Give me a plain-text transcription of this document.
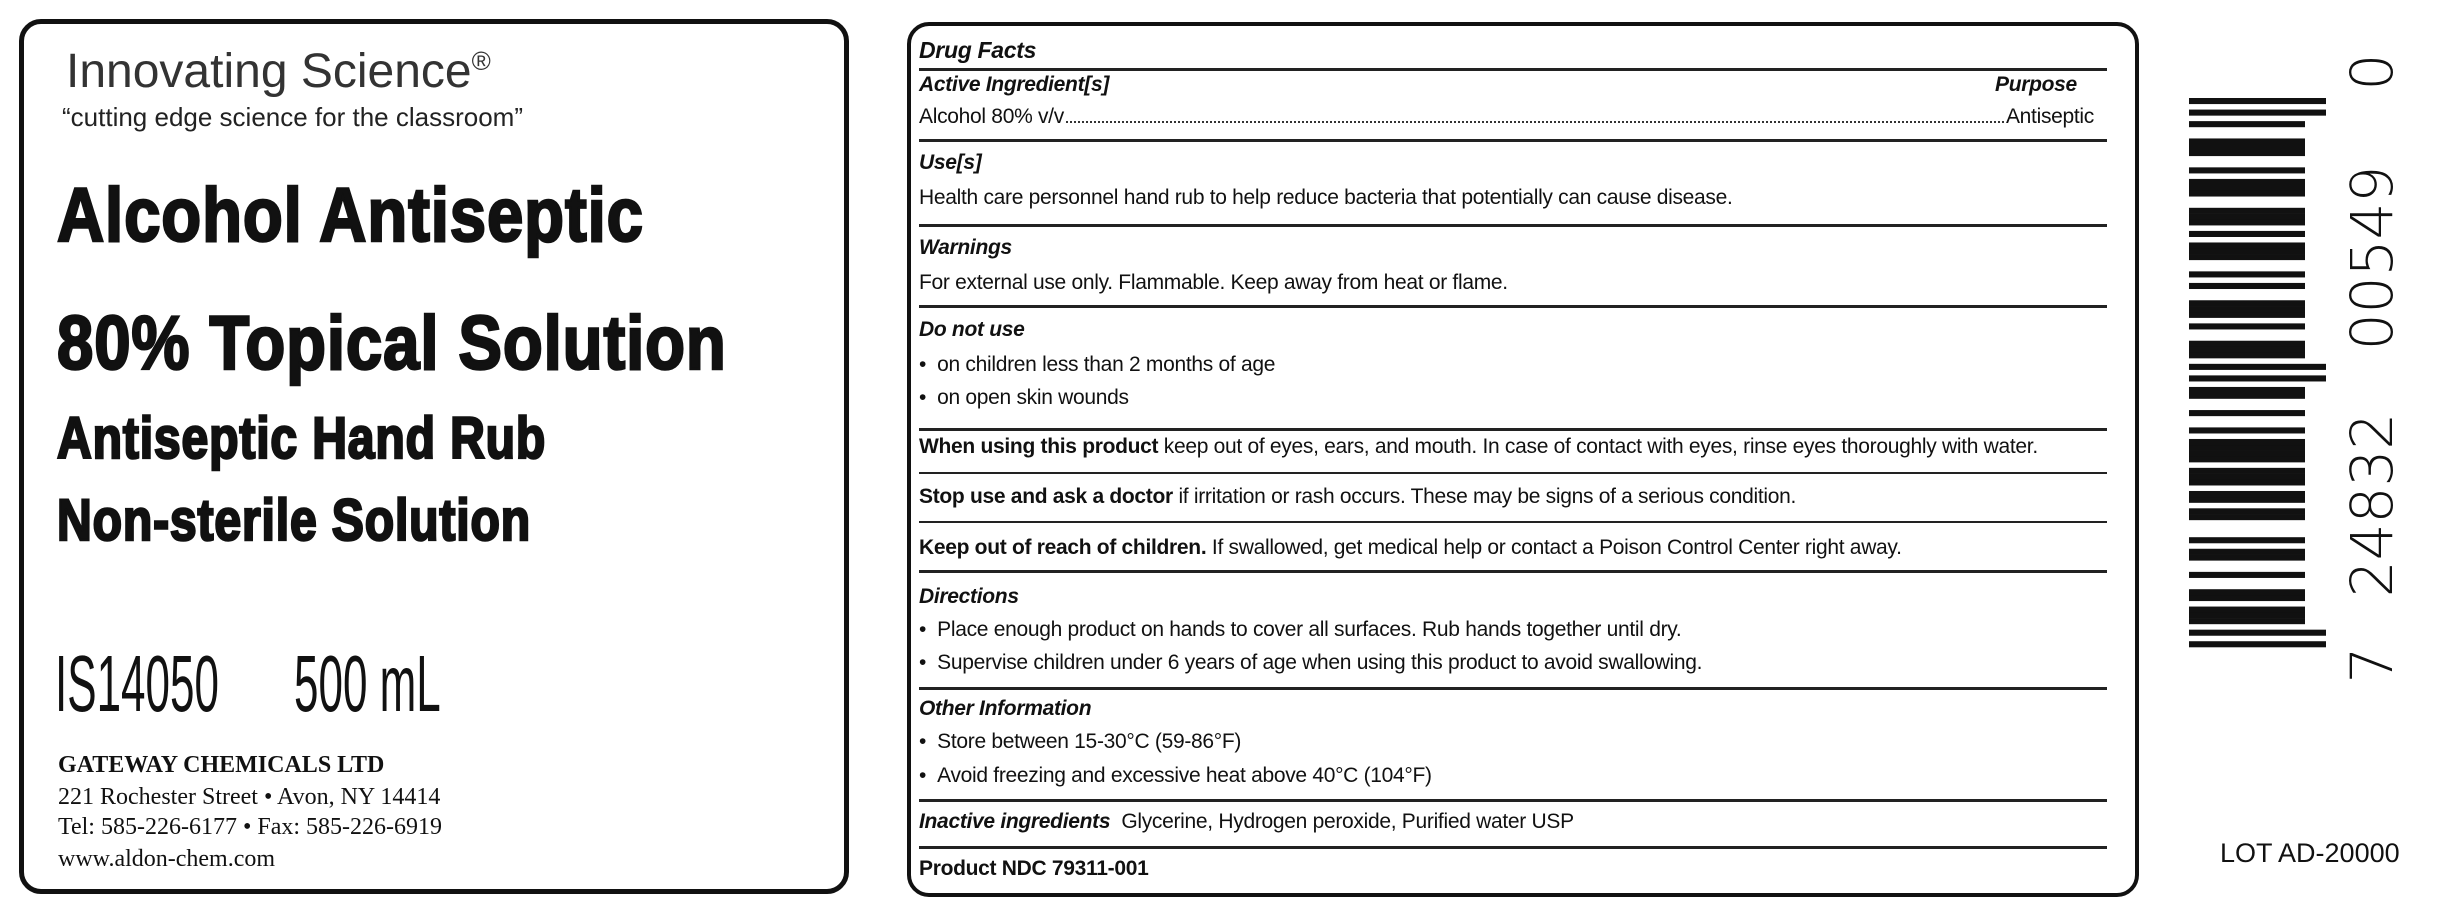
Innovating Science®
“cutting edge science for the classroom”
Alcohol Antiseptic
80% Topical Solution
Antiseptic Hand Rub
Non-sterile Solution
IS14050 500 mL
GATEWAY CHEMICALS LTD
221 Rochester Street • Avon, NY 14414
Tel: 585-226-6177 • Fax: 585-226-6919
www.aldon-chem.com
Drug Facts
Active Ingredient[s]	Purpose
Alcohol 80% v/v	Antiseptic
Use[s]
Health care personnel hand rub to help reduce bacteria that potentially can cause disease.
Warnings
For external use only. Flammable. Keep away from heat or flame.
Do not use
•  on children less than 2 months of age
•  on open skin wounds
When using this product keep out of eyes, ears, and mouth. In case of contact with eyes, rinse eyes thoroughly with water.
Stop use and ask a doctor if irritation or rash occurs. These may be signs of a serious condition.
Keep out of reach of children. If swallowed, get medical help or contact a Poison Control Center right away.
Directions
•  Place enough product on hands to cover all surfaces. Rub hands together until dry.
•  Supervise children under 6 years of age when using this product to avoid swallowing.
Other Information
•  Store between 15-30°C (59-86°F)
•  Avoid freezing and excessive heat above 40°C (104°F)
Inactive ingredients Glycerine, Hydrogen peroxide, Purified water USP
Product NDC 79311-001
7
24832
00549
0
LOT AD-20000
